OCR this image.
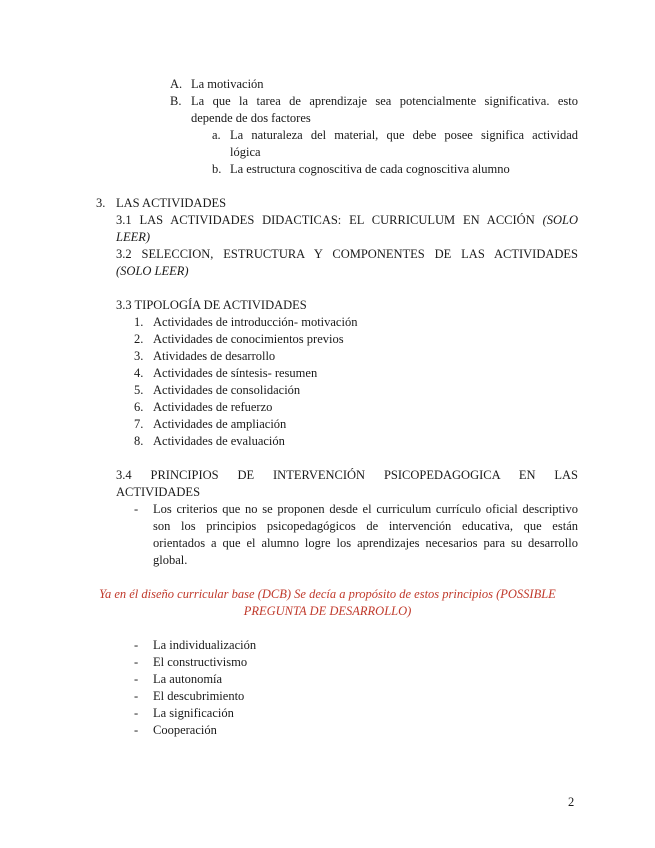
A. La motivación
B. La que la tarea de aprendizaje sea potencialmente significativa. esto
depende de dos factores
a. La naturaleza del material, que debe posee significa actividad
lógica
b. La estructura cognoscitiva de cada cognoscitiva alumno
3. LAS ACTIVIDADES
3.1 LAS ACTIVIDADES DIDACTICAS: EL CURRICULUM EN ACCIÓN (SOLO
LEER)
3.2 SELECCION, ESTRUCTURA Y COMPONENTES DE LAS ACTIVIDADES
(SOLO LEER)
3.3 TIPOLOGÍA DE ACTIVIDADES
1. Actividades de introducción- motivación
2. Actividades de conocimientos previos
3. Atividades de desarrollo
4. Actividades de síntesis- resumen
5. Actividades de consolidación
6. Actividades de refuerzo
7. Actividades de ampliación
8. Actividades de evaluación
3.4 PRINCIPIOS DE INTERVENCIÓN PSICOPEDAGOGICA EN LAS
ACTIVIDADES
- Los criterios que no se proponen desde el curriculum currículo oficial descriptivo
son los principios psicopedagógicos de intervención educativa, que están
orientados a que el alumno logre los aprendizajes necesarios para su desarrollo
global.
Ya en él diseño curricular base (DCB) Se decía a propósito de estos principios (POSSIBLE
PREGUNTA DE DESARROLLO)
- La individualización
- El constructivismo
- La autonomía
- El descubrimiento
- La significación
- Cooperación
2
